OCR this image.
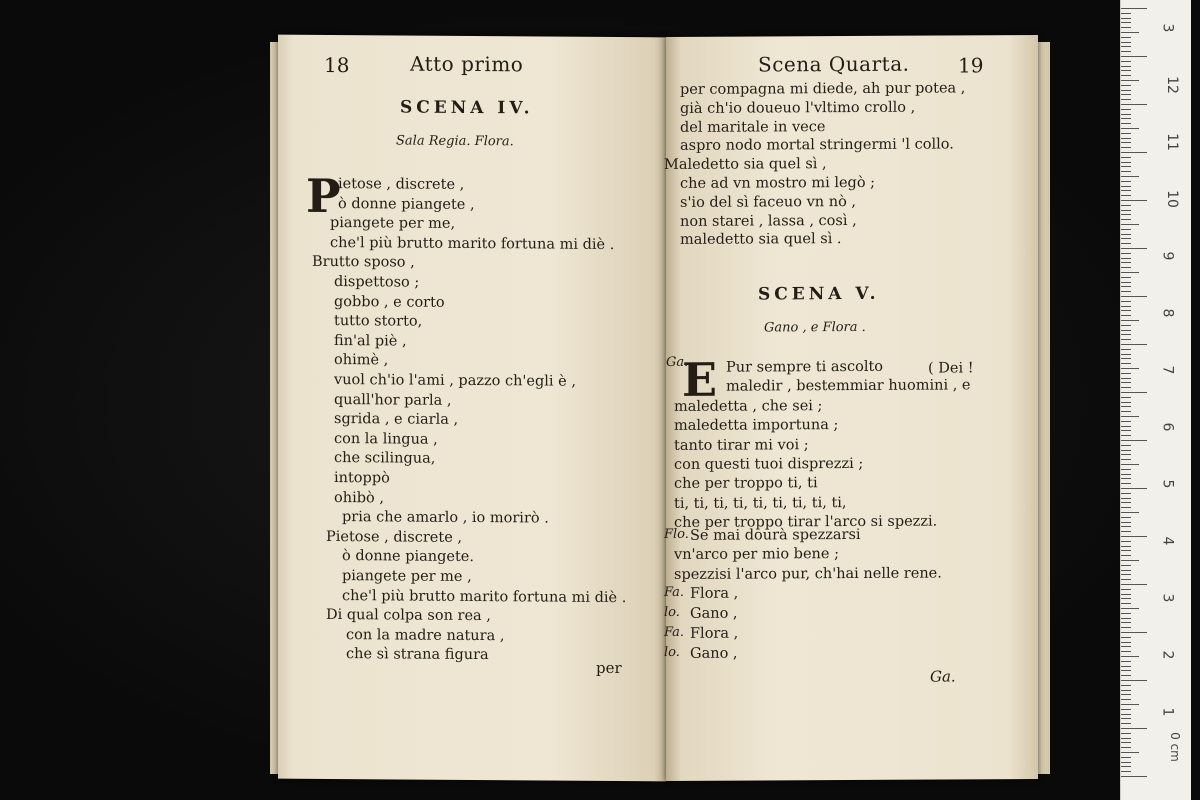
18	Atto primo
SCENA IV.
Sala Regia. Flora.
P
ietose , discrete ,
ò donne piangete ,
piangete per me,
che'l più brutto marito fortuna mi diè .
Brutto sposo ,
dispettoso ;
gobbo , e corto
tutto storto,
fin'al piè ,
ohimè ,
vuol ch'io l'ami , pazzo ch'egli è ,
quall'hor parla ,
sgrida , e ciarla ,
con la lingua ,
che scilingua,
intoppò
ohibò ,
pria che amarlo , io morirò .
Pietose , discrete ,
ò donne piangete.
piangete per me ,
che'l più brutto marito fortuna mi diè .
Di qual colpa son rea ,
con la madre natura ,
che sì strana figura
per
Scena Quarta. 19
per compagna mi diede, ah pur potea ,
già ch'io doueuo l'vltimo crollo ,
del maritale in vece
aspro nodo mortal stringermi 'l collo.
Maledetto sia quel sì ,
che ad vn mostro mi legò ;
s'io del sì faceuo vn nò ,
non starei , lassa , così ,
maledetto sia quel sì .
SCENA V.
Gano , e Flora .
Ga.
E	( Dei !
Pur sempre ti ascolto
maledir , bestemmiar huomini , e
maledetta , che sei ;
maledetta importuna ;
tanto tirar mi voi ;
con questi tuoi disprezzi ;
che per troppo ti, ti
ti, ti, ti, ti, ti, ti, ti, ti, ti,
che per troppo tirar l'arco si spezzi.
Flo. Se mai dourà spezzarsi
vn'arco per mio bene ;
spezzisi l'arco pur, ch'hai nelle rene.
Fa.
lo.
Fa.
lo.
Flora ,
Gano ,
Flora ,
Gano ,
Ga.
3
12
11
10
9
8
7
6
5
4
3
2
1
0 cm
